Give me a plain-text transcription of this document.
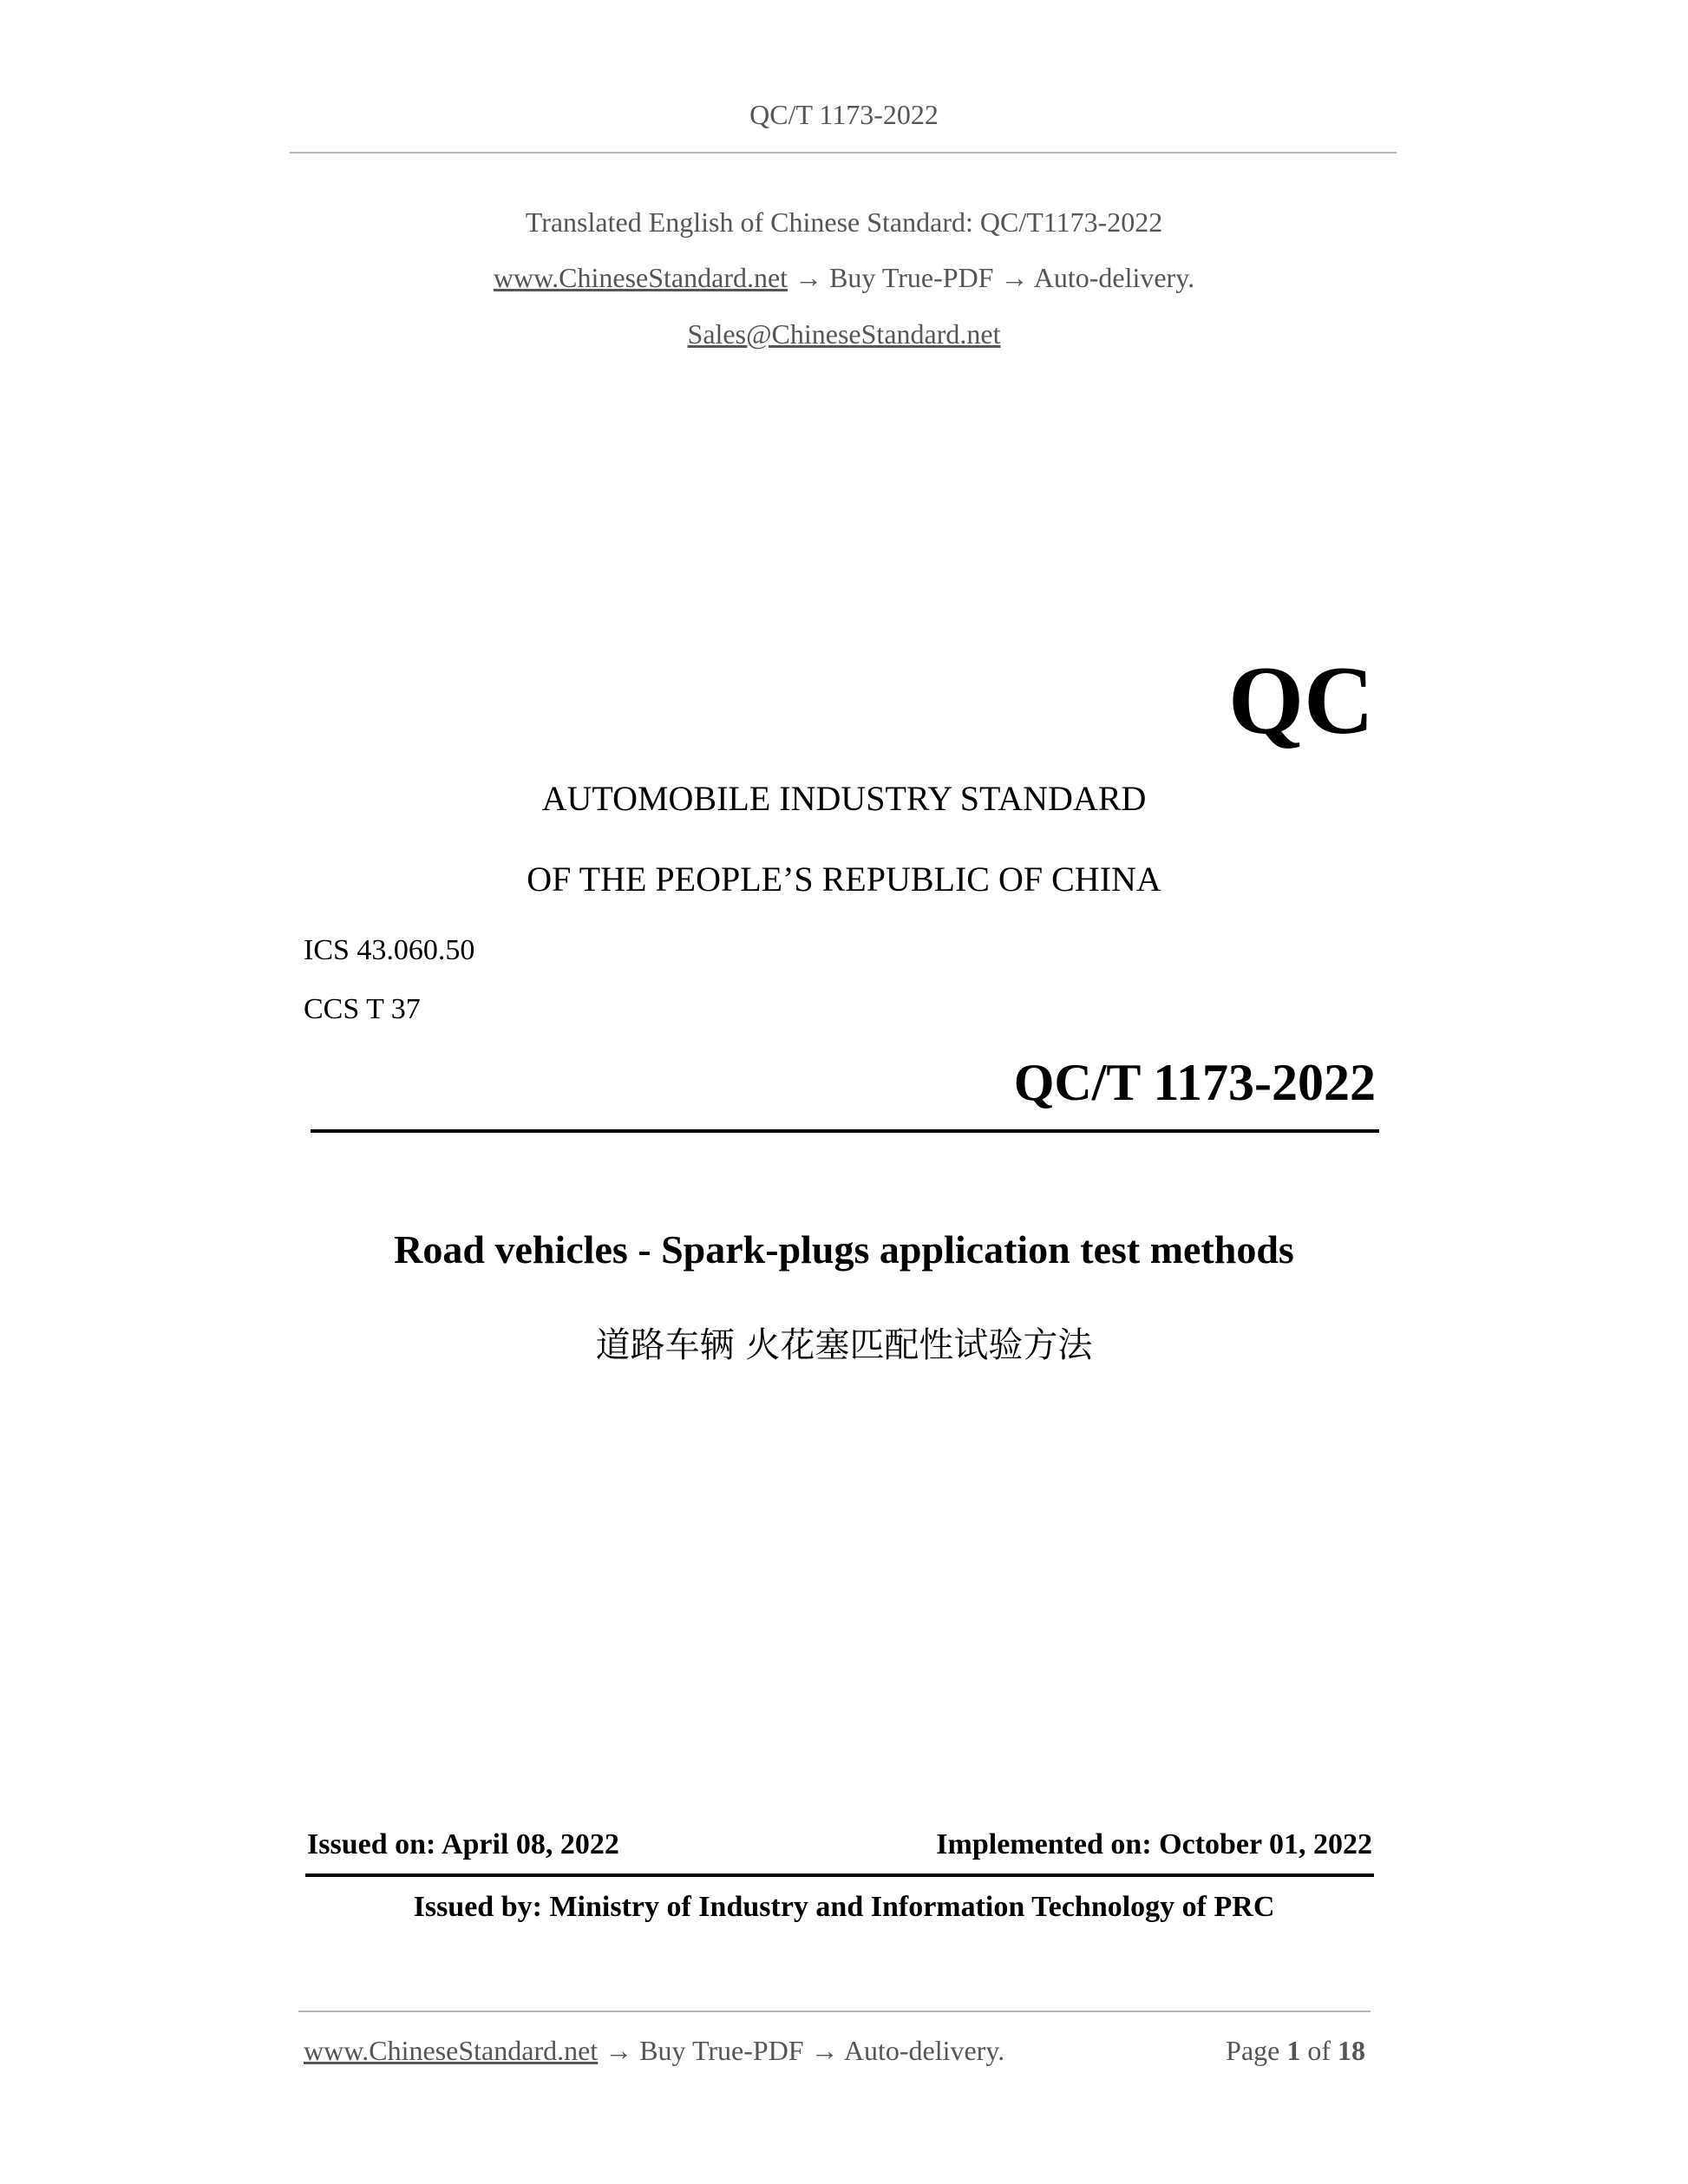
QC/T 1173-2022
Translated English of Chinese Standard: QC/T1173-2022
www.ChineseStandard.net → Buy True-PDF → Auto-delivery.
Sales@ChineseStandard.net
QC
AUTOMOBILE INDUSTRY STANDARD
OF THE PEOPLE’S REPUBLIC OF CHINA
ICS 43.060.50
CCS T 37
QC/T 1173-2022
Road vehicles - Spark-plugs application test methods
道路车辆 火花塞匹配性试验方法
Issued on: April 08, 2022	Implemented on: October 01, 2022
Issued by: Ministry of Industry and Information Technology of PRC
www.ChineseStandard.net → Buy True-PDF → Auto-delivery.	Page 1 of 18
